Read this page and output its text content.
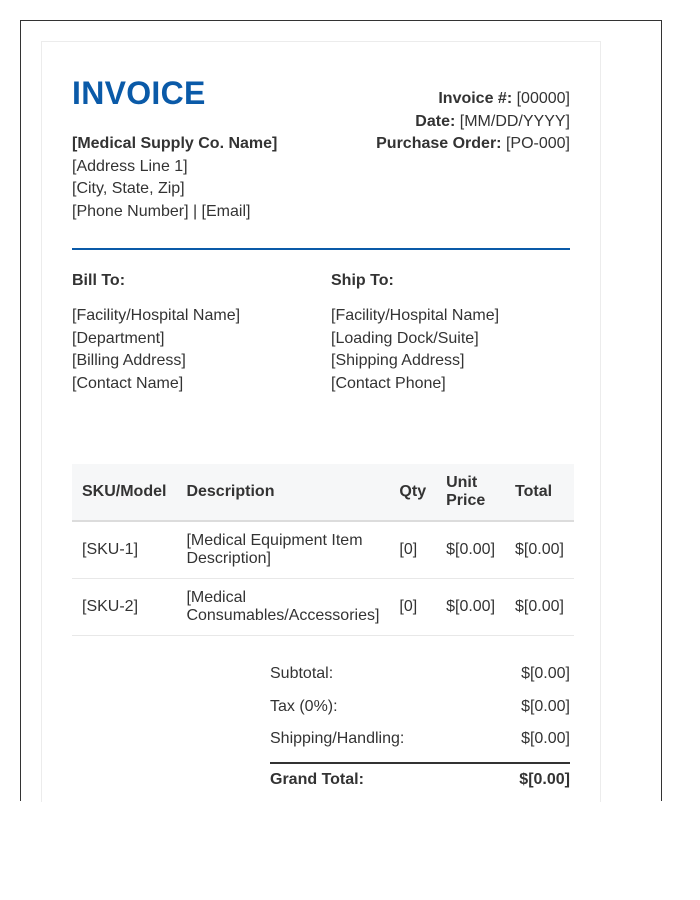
INVOICE
[Medical Supply Co. Name]
[Address Line 1]
[City, State, Zip]
[Phone Number] | [Email]
Invoice #: [00000]
Date: [MM/DD/YYYY]
Purchase Order: [PO-000]
Bill To:
[Facility/Hospital Name]
[Department]
[Billing Address]
[Contact Name]
Ship To:
[Facility/Hospital Name]
[Loading Dock/Suite]
[Shipping Address]
[Contact Phone]
SKU/Model	Description	Qty	Unit Price	Total
[SKU-1]	[Medical Equipment Item Description]	[0]	$[0.00]	$[0.00]
[SKU-2]	[Medical Consumables/Accessories]	[0]	$[0.00]	$[0.00]
Subtotal:	$[0.00]
Tax (0%):	$[0.00]
Shipping/Handling:	$[0.00]
Grand Total:	$[0.00]
